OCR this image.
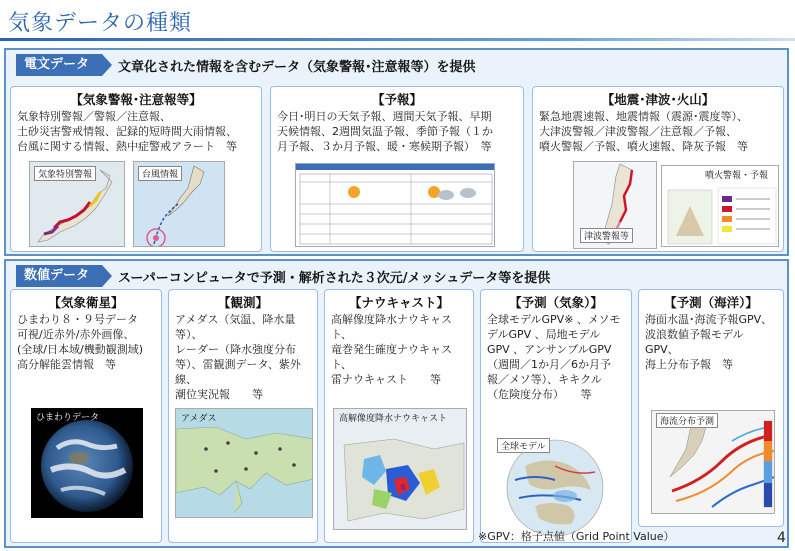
気象データの種類
電文データ	文章化された情報を含むデータ（気象警報･注意報等）を提供
【気象警報･注意報等】
気象特別警報／警報／注意報、
土砂災害警戒情報、記録的短時間大雨情報、
台風に関する情報、熱中症警戒アラート　等
気象特別警報	台風情報
【予報】
今日･明日の天気予報、週間天気予報、早期
天候情報、2週間気温予報、季節予報（１か
月予報、３か月予報、暖・寒候期予報）　等
【地震･津波･火山】
緊急地震速報、地震情報（震源･震度等）、
大津波警報／津波警報／注意報／予報、
噴火警報／予報、噴火速報、降灰予報　等
津波警報等
噴火警報・予報
数値データ	スーパーコンピュータで予測・解析された３次元/メッシュデータ等を提供
【気象衛星】
ひまわり８・９号データ
可視/近赤外/赤外画像、
(全球/日本域/機動観測域)
高分解能雲情報　等
ひまわりデータ
【観測】
アメダス（気温、降水量等）、
レーダー（降水強度分布
等）、雷観測データ、紫外線、
潮位実況報　　等
アメダス
【ナウキャスト】
高解像度降水ナウキャスト、
竜巻発生確度ナウキャスト、
雷ナウキャスト　　等
高解像度降水ナウキャスト
【予測（気象）】
全球モデルGPV※ 、メソモ
デルGPV 、局地モデル
GPV 、アンサンブルGPV
（週間／1か月／6か月予
報／メソ等）、キキクル
（危険度分布）　　等
全球モデル
【予測（海洋）】
海面水温･海流予報GPV、
波浪数値予報モデルGPV、
海上分布予報　等
海流分布予測
※GPV：格子点値（Grid Point Value）	4
